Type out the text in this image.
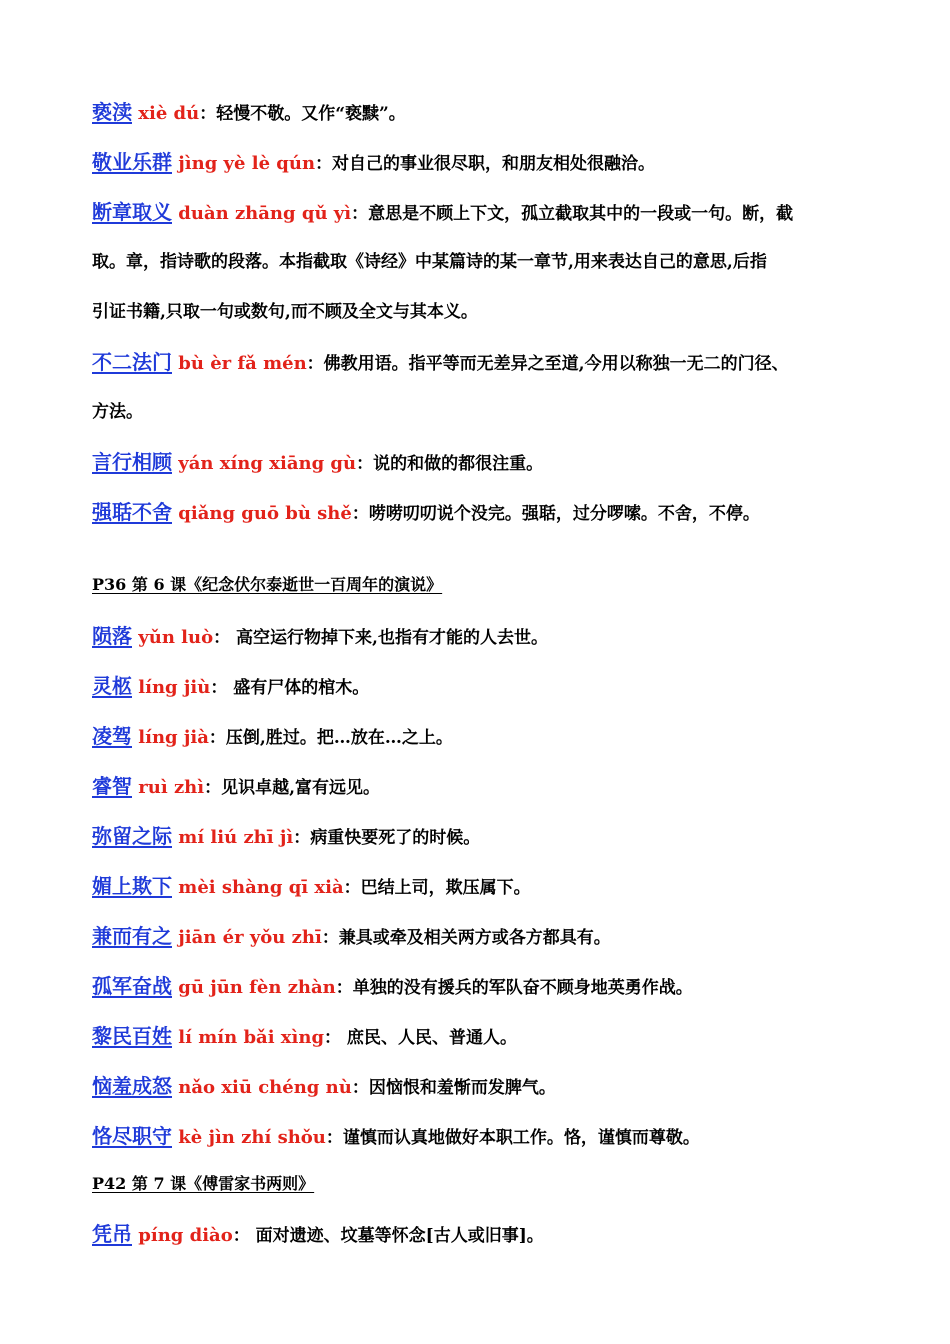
亵渎 xiè dú：轻慢不敬。又作“亵黩”。
敬业乐群 jìng yè lè qún：对自己的事业很尽职，和朋友相处很融洽。
断章取义 duàn zhāng qǔ yì：意思是不顾上下文，孤立截取其中的一段或一句。断，截
取。章，指诗歌的段落。本指截取《诗经》中某篇诗的某一章节,用来表达自己的意思,后指
引证书籍,只取一句或数句,而不顾及全文与其本义。
不二法门 bù èr fǎ mén：佛教用语。指平等而无差异之至道,今用以称独一无二的门径、
方法。
言行相顾 yán xíng xiāng gù：说的和做的都很注重。
强聒不舍 qiǎng guō bù shě：唠唠叨叨说个没完。强聒，过分啰嗦。不舍，不停。
P36 第 6 课《纪念伏尔泰逝世一百周年的演说》
陨落 yǔn luò： 高空运行物掉下来,也指有才能的人去世。
灵柩 líng jiù： 盛有尸体的棺木。
凌驾 líng jià：压倒,胜过。把…放在…之上。
睿智 ruì zhì：见识卓越,富有远见。
弥留之际 mí liú zhī jì：病重快要死了的时候。
媚上欺下 mèi shàng qī xià：巴结上司，欺压属下。
兼而有之 jiān ér yǒu zhī：兼具或牵及相关两方或各方都具有。
孤军奋战 gū jūn fèn zhàn：单独的没有援兵的军队奋不顾身地英勇作战。
黎民百姓 lí mín bǎi xìng： 庶民、人民、普通人。
恼羞成怒 nǎo xiū chéng nù：因恼恨和羞惭而发脾气。
恪尽职守 kè jìn zhí shǒu：谨慎而认真地做好本职工作。恪，谨慎而尊敬。
P42 第 7 课《傅雷家书两则》
凭吊 píng diào： 面对遗迹、坟墓等怀念[古人或旧事]。
